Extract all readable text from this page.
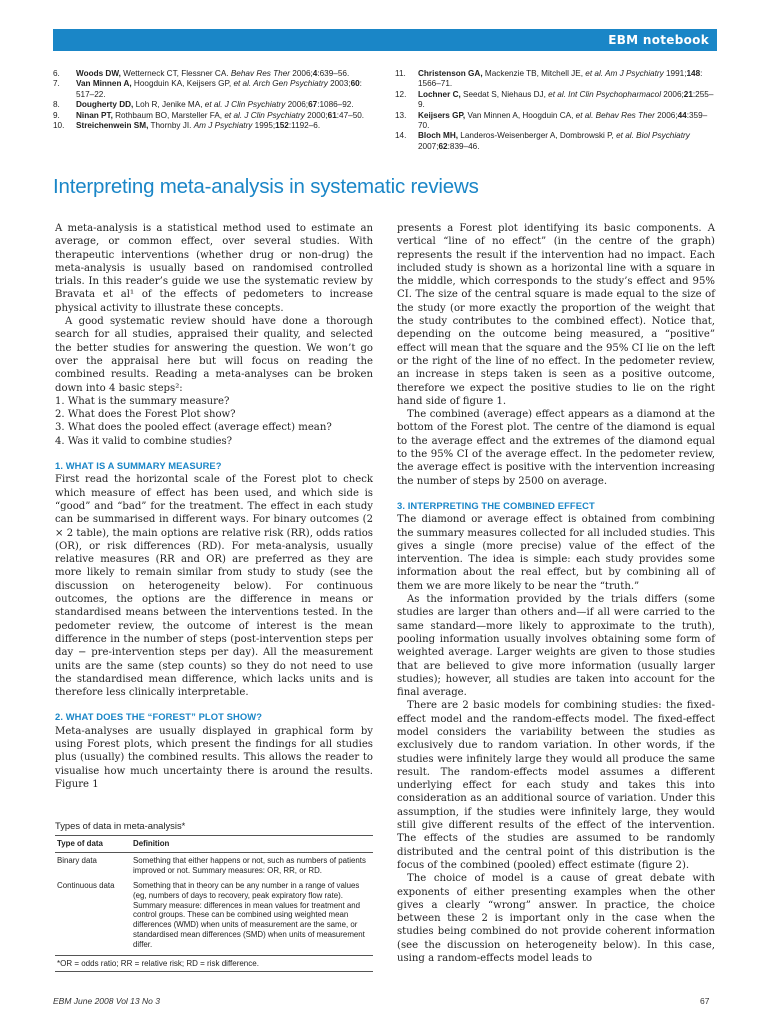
EBM notebook
6.	Woods DW, Wetterneck CT, Flessner CA. Behav Res Ther 2006;4:639–56.
7.	Van Minnen A, Hoogduin KA, Keijsers GP, et al. Arch Gen Psychiatry 2003;60: 517–22.
8.	Dougherty DD, Loh R, Jenike MA, et al. J Clin Psychiatry 2006;67:1086–92.
9.	Ninan PT, Rothbaum BO, Marsteller FA, et al. J Clin Psychiatry 2000;61:47–50.
10.	Streichenwein SM, Thornby JI. Am J Psychiatry 1995;152:1192–6.
11.	Christenson GA, Mackenzie TB, Mitchell JE, et al. Am J Psychiatry 1991;148: 1566–71.
12.	Lochner C, Seedat S, Niehaus DJ, et al. Int Clin Psychopharmacol 2006;21:255–9.
13.	Keijsers GP, Van Minnen A, Hoogduin CA, et al. Behav Res Ther 2006;44:359–70.
14.	Bloch MH, Landeros-Weisenberger A, Dombrowski P, et al. Biol Psychiatry 2007;62:839–46.
Interpreting meta-analysis in systematic reviews

A meta-analysis is a statistical method used to estimate an average, or common effect, over several studies. With therapeutic interventions (whether drug or non-drug) the meta-analysis is usually based on randomised controlled trials. In this reader’s guide we use the systematic review by Bravata et al¹ of the effects of pedometers to increase physical activity to illustrate these concepts.

A good systematic review should have done a thorough search for all studies, appraised their quality, and selected the better studies for answering the question. We won’t go over the appraisal here but will focus on reading the combined results. Reading a meta-analyses can be broken down into 4 basic steps²:

1. What is the summary measure?
2. What does the Forest Plot show?
3. What does the pooled effect (average effect) mean?
4. Was it valid to combine studies?
1. WHAT IS A SUMMARY MEASURE?

First read the horizontal scale of the Forest plot to check which measure of effect has been used, and which side is “good” and “bad” for the treatment. The effect in each study can be summarised in different ways. For binary outcomes (2 × 2 table), the main options are relative risk (RR), odds ratios (OR), or risk differences (RD). For meta-analysis, usually relative measures (RR and OR) are preferred as they are more likely to remain similar from study to study (see the discussion on heterogeneity below). For continuous outcomes, the options are the difference in means or standardised means between the interventions tested. In the pedometer review, the outcome of interest is the mean difference in the number of steps (post-intervention steps per day − pre-intervention steps per day). All the measurement units are the same (step counts) so they do not need to use the standardised mean difference, which lacks units and is therefore less clinically interpretable.

2. WHAT DOES THE “FOREST” PLOT SHOW?

Meta-analyses are usually displayed in graphical form by using Forest plots, which present the findings for all studies plus (usually) the combined results. This allows the reader to visualise how much uncertainty there is around the results. Figure 1

Types of data in meta-analysis*
Type of data	Definition
Binary data	Something that either happens or not, such as numbers of patients improved or not. Summary measures: OR, RR, or RD.
Continuous data	Something that in theory can be any number in a range of values (eg, numbers of days to recovery, peak expiratory flow rate). Summary measure: differences in mean values for treatment and control groups. These can be combined using weighted mean differences (WMD) when units of measurement are the same, or standardised mean differences (SMD) when units of measurement differ.
*OR = odds ratio; RR = relative risk; RD = risk difference.

presents a Forest plot identifying its basic components. A vertical “line of no effect” (in the centre of the graph) represents the result if the intervention had no impact. Each included study is shown as a horizontal line with a square in the middle, which corresponds to the study’s effect and 95% CI. The size of the central square is made equal to the size of the study (or more exactly the proportion of the weight that the study contributes to the combined effect). Notice that, depending on the outcome being measured, a “positive” effect will mean that the square and the 95% CI lie on the left or the right of the line of no effect. In the pedometer review, an increase in steps taken is seen as a positive outcome, therefore we expect the positive studies to lie on the right hand side of figure 1.

The combined (average) effect appears as a diamond at the bottom of the Forest plot. The centre of the diamond is equal to the average effect and the extremes of the diamond equal to the 95% CI of the average effect. In the pedometer review, the average effect is positive with the intervention increasing the number of steps by 2500 on average.

3. INTERPRETING THE COMBINED EFFECT

The diamond or average effect is obtained from combining the summary measures collected for all included studies. This gives a single (more precise) value of the effect of the intervention. The idea is simple: each study provides some information about the real effect, but by combining all of them we are more likely to be near the “truth.”

As the information provided by the trials differs (some studies are larger than others and—if all were carried to the same standard—more likely to approximate to the truth), pooling information usually involves obtaining some form of weighted average. Larger weights are given to those studies that are believed to give more information (usually larger studies); however, all studies are taken into account for the final average.

There are 2 basic models for combining studies: the fixed-effect model and the random-effects model. The fixed-effect model considers the variability between the studies as exclusively due to random variation. In other words, if the studies were infinitely large they would all produce the same result. The random-effects model assumes a different underlying effect for each study and takes this into consideration as an additional source of variation. Under this assumption, if the studies were infinitely large, they would still give different results of the effect of the intervention. The effects of the studies are assumed to be randomly distributed and the central point of this distribution is the focus of the combined (pooled) effect estimate (figure 2).

The choice of model is a cause of great debate with exponents of either presenting examples when the other gives a clearly “wrong” answer. In practice, the choice between these 2 is important only in the case when the studies being combined do not provide coherent information (see the discussion on heterogeneity below). In this case, using a random-effects model leads to

EBM June 2008 Vol 13 No 3	67
